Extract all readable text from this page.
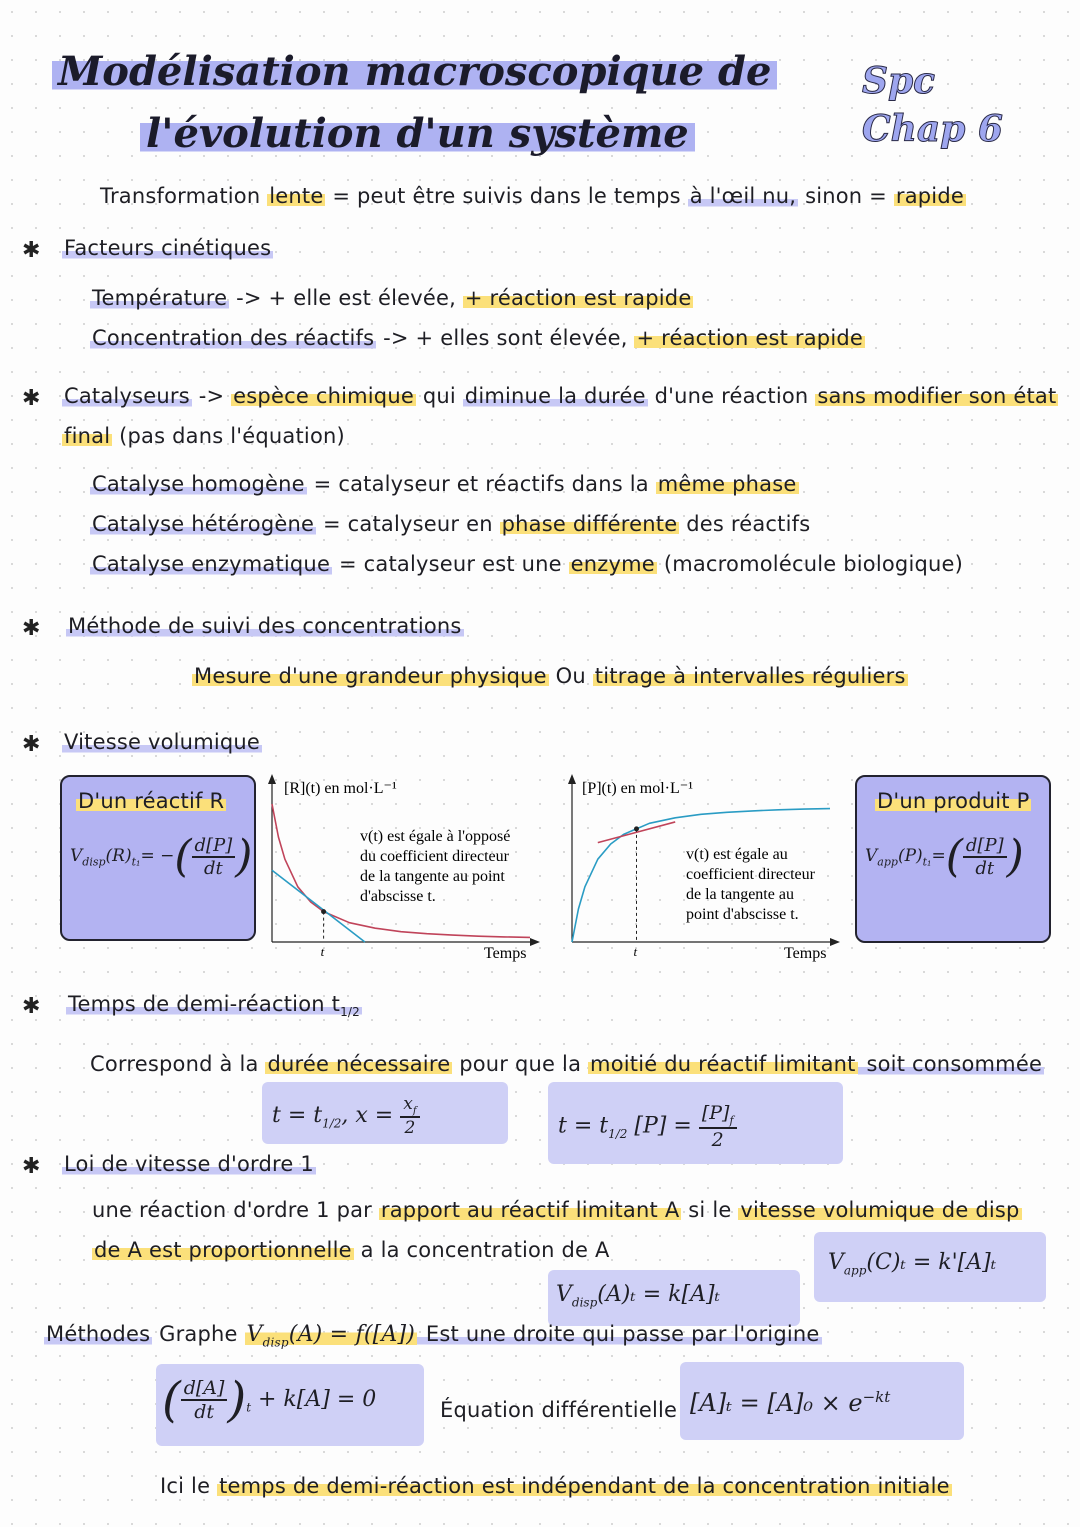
Modélisation macroscopique de
l'évolution d'un système
Spc
Chap 6
Transformation lente = peut être suivis dans le temps à l'œil nu, sinon = rapide
✱ Facteurs cinétiques
Température -> + elle est élevée, + réaction est rapide
Concentration des réactifs -> + elles sont élevée, + réaction est rapide
✱ Catalyseurs -> espèce chimique qui diminue la durée d'une réaction sans modifier son état
final (pas dans l'équation)
Catalyse homogène = catalyseur et réactifs dans la même phase
Catalyse hétérogène = catalyseur en phase différente des réactifs
Catalyse enzymatique = catalyseur est une enzyme (macromolécule biologique)
✱ Méthode de suivi des concentrations
Mesure d'une grandeur physique Ou titrage à intervalles réguliers
✱ Vitesse volumique
D'un réactif R
$V_{disp}(R)_{t_1}=$ −( $\frac{d[P]}{dt}$ )
D'un produit P
$V_{app}(P)_{t_1}=( \frac{d[P]}{dt}$ )
[R](t) en mol·L⁻¹
Temps
t
v(t) est égale à l'opposé
du coefficient directeur
de la tangente au point
d'abscisse t.
[P](t) en mol·L⁻¹
Temps
t
v(t) est égale au
coefficient directeur
de la tangente au
point d'abscisse t.
✱ Temps de demi-réaction $t_{1/2}$
Correspond à la durée nécessaire pour que la moitié du réactif limitant soit consommée
$t = t_{1/2}$, $x = \frac{x_f}{2}$	$t = t_{1/2}$ $[P] = \frac{[P]_f}{2}$
✱ Loi de vitesse d'ordre 1
une réaction d'ordre 1 par rapport au réactif limitant A si le vitesse volumique de disp
de A est proportionnelle a la concentration de A	$V_{app}(C)_t = k'[A]_t$
$V_{disp}(A)_t = k[A]_t$
Méthodes Graphe $V_{disp}(A) = f([A])$ Est une droite qui passe par l'origine
( $\frac{d[A]}{dt} )_t + k[A] = 0$	Équation différentielle $[A]_t = [A]_0 \times e^{-kt}$
Ici le temps de demi-réaction est indépendant de la concentration initiale
